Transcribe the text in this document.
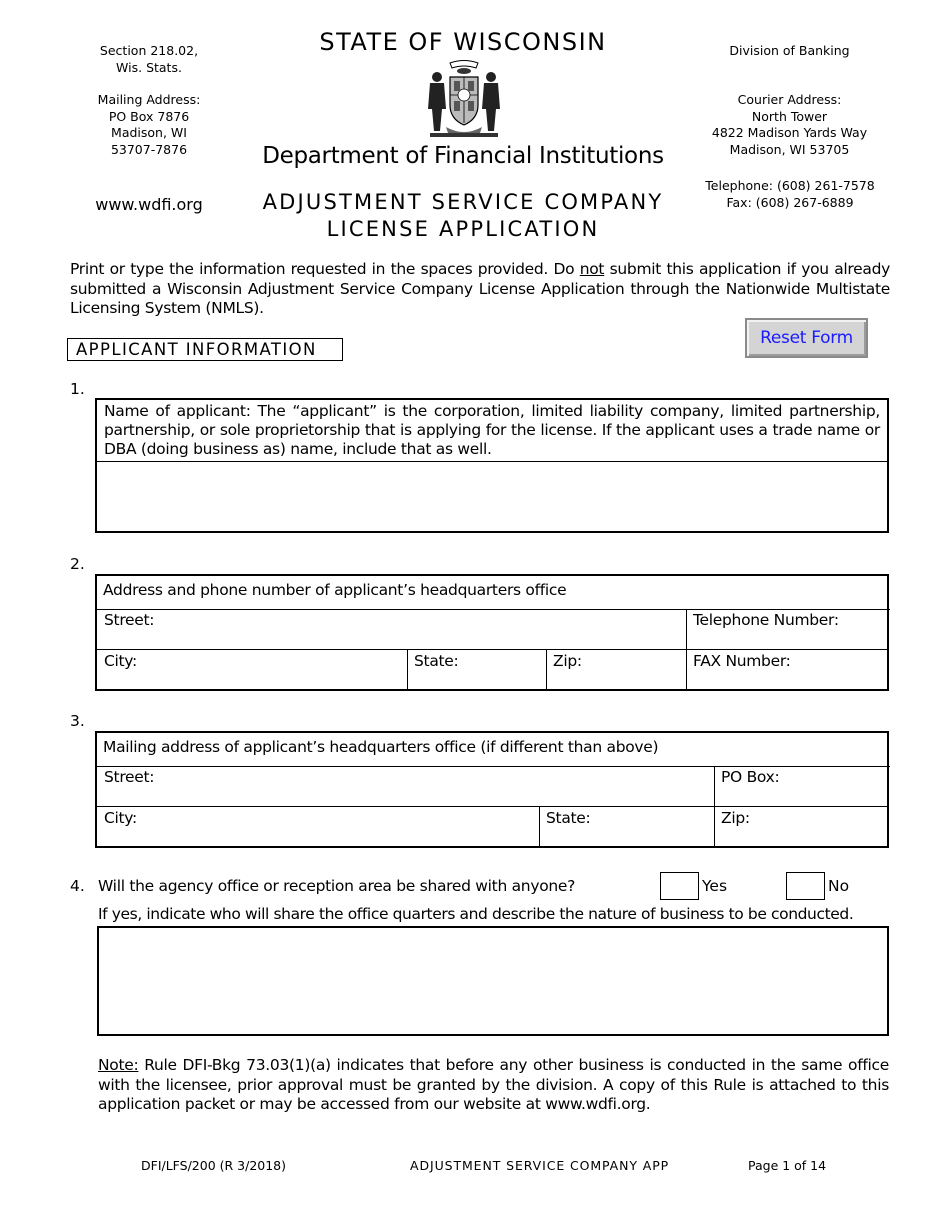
Section 218.02,
Wis. Stats.
Mailing Address:
PO Box 7876
Madison, WI
53707-7876
www.wdfi.org
STATE OF WISCONSIN
Department of Financial Institutions
ADJUSTMENT SERVICE COMPANY
LICENSE APPLICATION
Division of Banking
Courier Address:
North Tower
4822 Madison Yards Way
Madison, WI 53705
Telephone: (608) 261-7578
Fax: (608) 267-6889
Print or type the information requested in the spaces provided. Do not submit this application if you already submitted a Wisconsin Adjustment Service Company License Application through the Nationwide Multistate Licensing System (NMLS).
Reset Form
APPLICANT INFORMATION
1.
Name of applicant: The “applicant” is the corporation, limited liability company, limited partnership, partnership, or sole proprietorship that is applying for the license. If the applicant uses a trade name or DBA (doing business as) name, include that as well.
2.
Address and phone number of applicant’s headquarters office
Street:	Telephone Number:
City:	State:	Zip:	FAX Number:
3.
Mailing address of applicant’s headquarters office (if different than above)
Street:	PO Box:
City:	State:	Zip:
4. Will the agency office or reception area be shared with anyone?	Yes	No
If yes, indicate who will share the office quarters and describe the nature of business to be conducted.
Note: Rule DFI-Bkg 73.03(1)(a) indicates that before any other business is conducted in the same office with the licensee, prior approval must be granted by the division. A copy of this Rule is attached to this application packet or may be accessed from our website at www.wdfi.org.
DFI/LFS/200 (R 3/2018)	ADJUSTMENT SERVICE COMPANY APP	Page 1 of 14
